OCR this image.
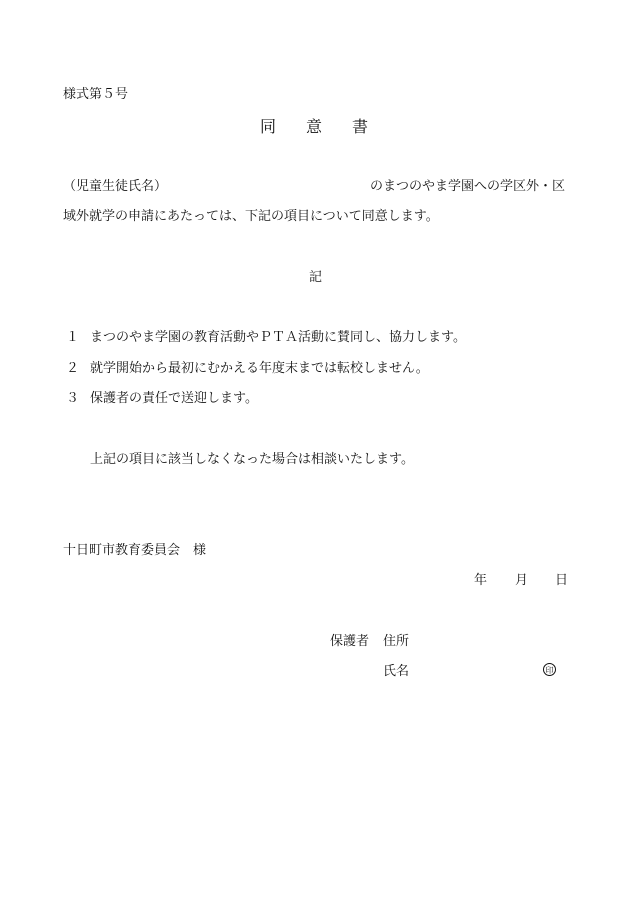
様式第５号

同 意 書

（児童生徒氏名）	のまつのやま学園への学区外・区

域外就学の申請にあたっては、下記の項目について同意します。

記

１ まつのやま学園の教育活動やＰＴＡ活動に賛同し、協力します。
２ 就学開始から最初にむかえる年度末までは転校しません。
３ 保護者の責任で送迎します。

上記の項目に該当しなくなった場合は相談いたします。

十日町市教育委員会　様

年 月 日
保護者 住所
氏名	印
